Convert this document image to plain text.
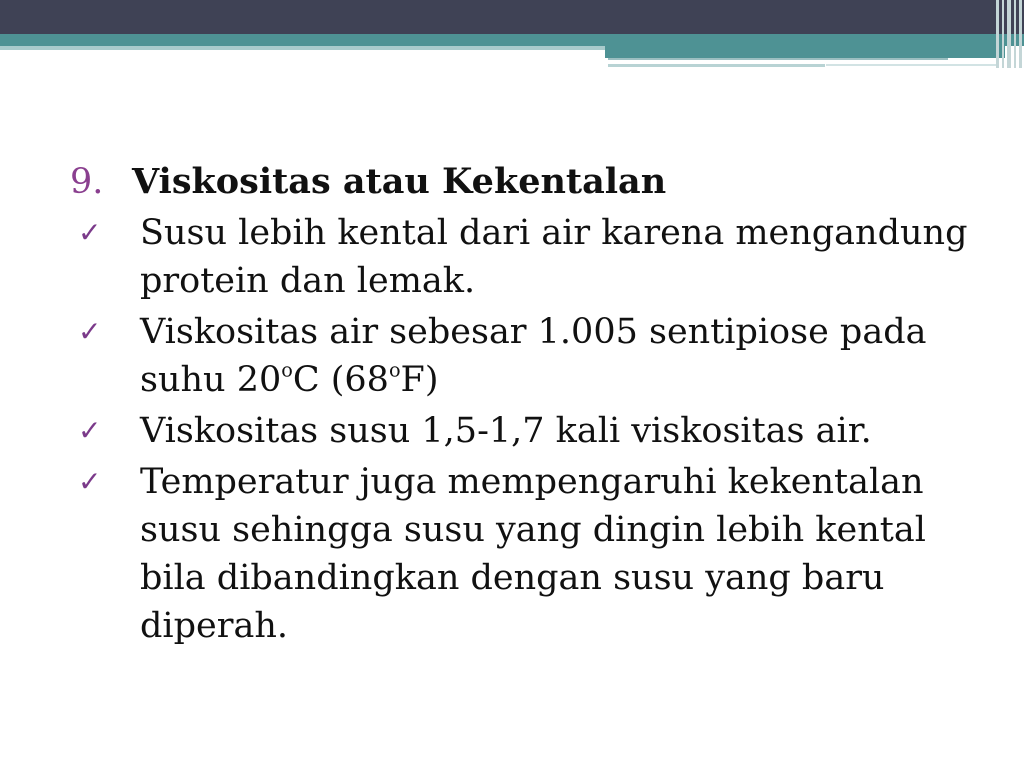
9. Viskositas atau Kekentalan
✓	Susu lebih kental dari air karena mengandung protein dan lemak.
✓	Viskositas air sebesar 1.005 sentipiose pada suhu 20$^o$C (68$^o$F)
✓	Viskositas susu 1,5-1,7 kali viskositas air.
✓	Temperatur juga mempengaruhi kekentalan susu sehingga susu yang dingin lebih kental bila dibandingkan dengan susu yang baru diperah.
